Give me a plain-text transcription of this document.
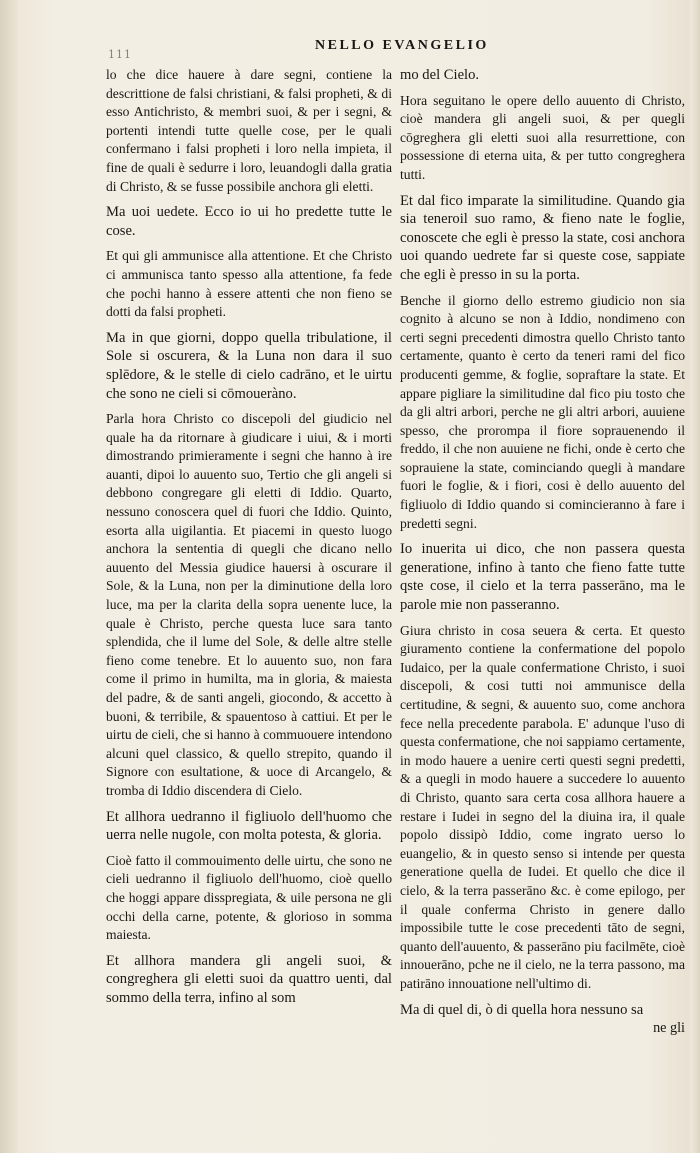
111
NELLO EVANGELIO

lo che dice hauere à dare segni, contiene la descrittione de falsi christiani, & falsi propheti, & di esso Antichristo, & membri suoi, & per i segni, & portenti intendi tutte quelle cose, per le quali confermano i falsi propheti i loro nella impieta, il fine de quali è sedurre i loro, leuandogli dalla gratia di Christo, & se fusse possibile anchora gli eletti.

Ma uoi uedete. Ecco io ui ho predette tutte le cose.

Et qui gli ammunisce alla attentione. Et che Christo ci ammunisca tanto spesso alla attentione, fa fede che pochi hanno à essere attenti che non fieno se dotti da falsi propheti.

Ma in que giorni, doppo quella tribulatione, il Sole si oscurera, & la Luna non dara il suo splēdore, & le stelle di cielo cadrāno, et le uirtu che sono ne cieli si cōmoueràno.

Parla hora Christo co discepoli del giudicio nel quale ha da ritornare à giudicare i uiui, & i morti dimostrando primieramente i segni che hanno à ire auanti, dipoi lo auuento suo, Tertio che gli angeli si debbono congregare gli eletti di Iddio. Quarto, nessuno conoscera quel di fuori che Iddio. Quinto, esorta alla uigilantia. Et piacemi in questo luogo anchora la sententia di quegli che dicano nello auuento del Messia giudice hauersi à oscurare il Sole, & la Luna, non per la diminutione della loro luce, ma per la clarita della sopra uenente luce, la quale è Christo, perche questa luce sara tanto splendida, che il lume del Sole, & delle altre stelle fieno come tenebre. Et lo auuento suo, non fara come il primo in humilta, ma in gloria, & maiesta del padre, & de santi angeli, giocondo, & accetto à buoni, & terribile, & spauentoso à cattiui. Et per le uirtu de cieli, che si hanno à commuouere intendono alcuni quel classico, & quello strepito, quando il Signore con esultatione, & uoce di Arcangelo, & tromba di Iddio discendera di Cielo.

Et allhora uedranno il figliuolo dell'huomo che uerra nelle nugole, con molta potesta, & gloria.

Cioè fatto il commouimento delle uirtu, che sono ne cieli uedranno il figliuolo dell'huomo, cioè quello che hoggi appare disspregiata, & uile persona ne gli occhi della carne, potente, & glorioso in somma maiesta.

Et allhora mandera gli angeli suoi, & congreghera gli eletti suoi da quattro uenti, dal sommo della terra, infino al som

mo del Cielo.

Hora seguitano le opere dello auuento di Christo, cioè mandera gli angeli suoi, & per quegli cōgreghera gli eletti suoi alla resurrettione, con possessione di eterna uita, & per tutto congreghera tutti.

Et dal fico imparate la similitudine. Quando gia sia teneroil suo ramo, & fieno nate le foglie, conoscete che egli è presso la state, cosi anchora uoi quando uedrete far si queste cose, sappiate che egli è presso in su la porta.

Benche il giorno dello estremo giudicio non sia cognito à alcuno se non à Iddio, nondimeno con certi segni precedenti dimostra quello Christo tanto certamente, quanto è certo da teneri rami del fico producenti gemme, & foglie, sopraftare la state. Et appare pigliare la similitudine dal fico piu tosto che da gli altri arbori, perche ne gli altri arbori, auuiene spesso, che prorompa il fiore soprauenendo il freddo, il che non auuiene ne fichi, onde è certo che soprauiene la state, cominciando quegli à mandare fuori le foglie, & i fiori, cosi è dello auuento del figliuolo di Iddio quando si comincieranno à fare i predetti segni.

Io inuerita ui dico, che non passera questa generatione, infino à tanto che fieno fatte tutte qste cose, il cielo et la terra passerāno, ma le parole mie non passeranno.

Giura christo in cosa seuera & certa. Et questo giuramento contiene la confermatione del popolo Iudaico, per la quale confermatione Christo, i suoi discepoli, & cosi tutti noi ammunisce della certitudine, & segni, & auuento suo, come anchora fece nella precedente parabola. E' adunque l'uso di questa confermatione, che noi sappiamo certamente, in modo hauere a uenire certi questi segni predetti, & a quegli in modo hauere a succedere lo auuento di Christo, quanto sara certa cosa allhora hauere a restare i Iudei in segno del la diuina ira, il quale popolo dissipò Iddio, come ingrato uerso lo euangelio, & in questo senso si intende per questa generatione quella de Iudei. Et quello che dice il cielo, & la terra passerāno &c. è come epilogo, per il quale conferma Christo in genere dallo impossibile tutte le cose precedenti tāto de segni, quanto dell'auuento, & passerāno piu facilmēte, cioè innouerāno, pche ne il cielo, ne la terra passono, ma patirāno innouatione nell'ultimo di.

Ma di quel di, ò di quella hora nessuno sa

ne gli
